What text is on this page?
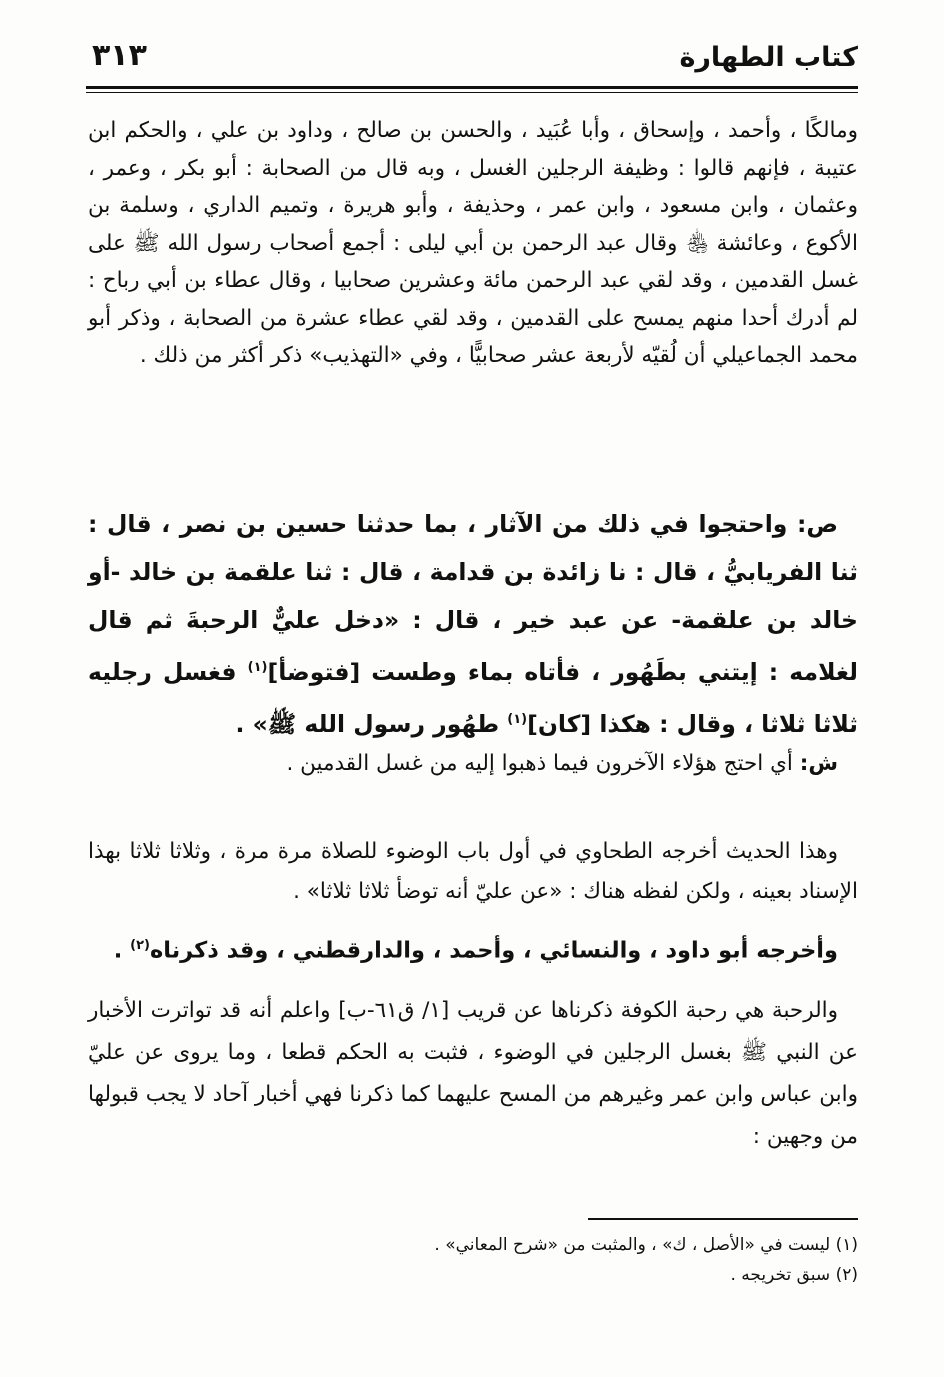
٣١٣	كتاب الطهارة

ومالكًا ، وأحمد ، وإسحاق ، وأبا عُبَيد ، والحسن بن صالح ، وداود بن علي ، والحكم ابن عتيبة ، فإنهم قالوا : وظيفة الرجلين الغسل ، وبه قال من الصحابة : أبو بكر ، وعمر ، وعثمان ، وابن مسعود ، وابن عمر ، وحذيفة ، وأبو هريرة ، وتميم الداري ، وسلمة بن الأكوع ، وعائشة ﵃ وقال عبد الرحمن بن أبي ليلى : أجمع أصحاب رسول الله ﷺ على غسل القدمين ، وقد لقي عبد الرحمن مائة وعشرين صحابيا ، وقال عطاء بن أبي رباح : لم أدرك أحدا منهم يمسح على القدمين ، وقد لقي عطاء عشرة من الصحابة ، وذكر أبو محمد الجماعيلي أن لُقيّه لأربعة عشر صحابيًّا ، وفي «التهذيب» ذكر أكثر من ذلك .

ص: واحتجوا في ذلك من الآثار ، بما حدثنا حسين بن نصر ، قال : ثنا الفريابيُّ ، قال : نا زائدة بن قدامة ، قال : ثنا علقمة بن خالد -أو خالد بن علقمة- عن عبد خير ، قال : «دخل عليٌّ الرحبةَ ثم قال لغلامه : إيتني بطَهُور ، فأتاه بماء وطست [فتوضأ]$^{(١)}$ فغسل رجليه ثلاثا ثلاثا ، وقال : هكذا [كان]$^{(١)}$ طهُور رسول الله ﷺ» .

ش: أي احتج هؤلاء الآخرون فيما ذهبوا إليه من غسل القدمين .

وهذا الحديث أخرجه الطحاوي في أول باب الوضوء للصلاة مرة مرة ، وثلاثا ثلاثا بهذا الإسناد بعينه ، ولكن لفظه هناك : «عن عليّ أنه توضأ ثلاثا ثلاثا» .

وأخرجه أبو داود ، والنسائي ، وأحمد ، والدارقطني ، وقد ذكرناه$^{(٢)}$ .

والرحبة هي رحبة الكوفة ذكرناها عن قريب [١/ ق٦١-ب] واعلم أنه قد تواترت الأخبار عن النبي ﷺ بغسل الرجلين في الوضوء ، فثبت به الحكم قطعا ، وما يروى عن عليّ وابن عباس وابن عمر وغيرهم من المسح عليهما كما ذكرنا فهي أخبار آحاد لا يجب قبولها من وجهين :

(١) ليست في «الأصل ، ك» ، والمثبت من «شرح المعاني» .

(٢) سبق تخريجه .
